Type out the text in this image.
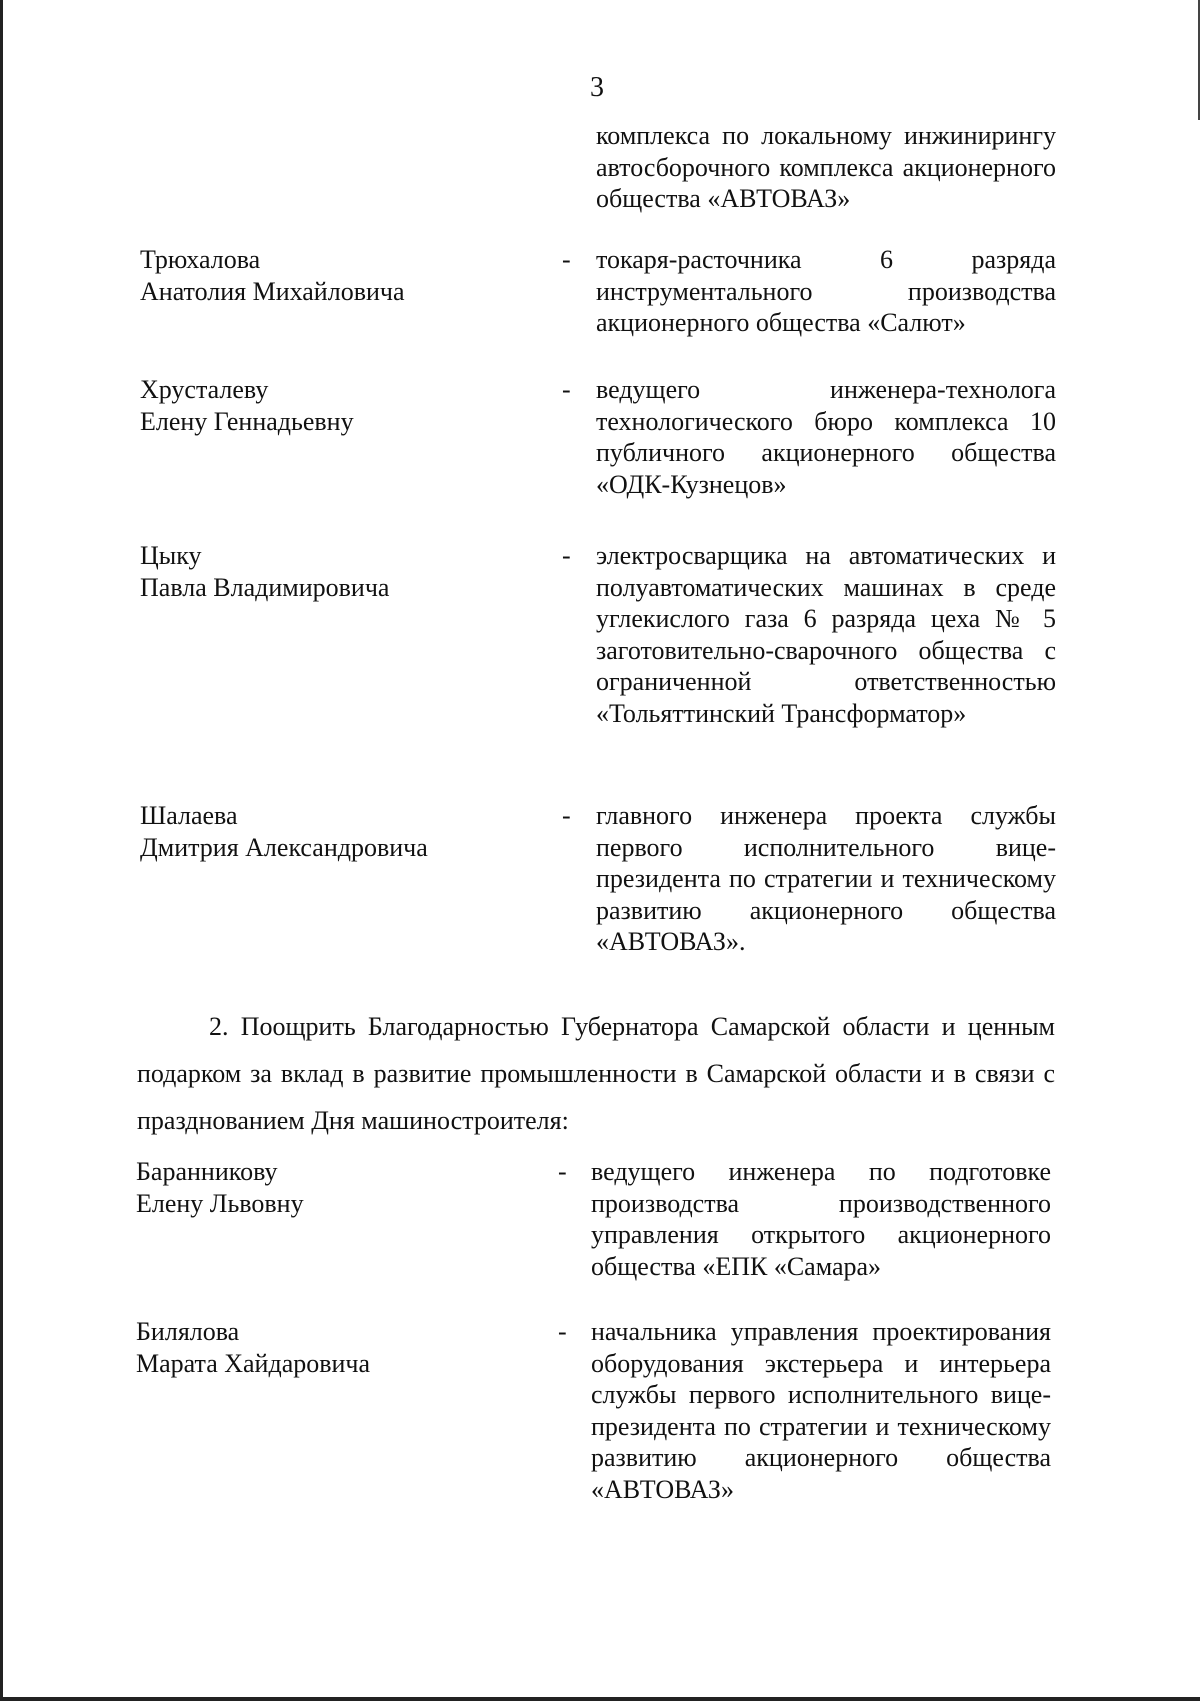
3
комплекса по локальному инжинирингу автосборочного комплекса акционерного общества «АВТОВАЗ»
Трюхалова
Анатолия Михайловича
- токаря-расточника 6 разряда инструментального производства акционерного общества «Салют»
Хрусталеву
Елену Геннадьевну
- ведущего инженера-технолога технологического бюро комплекса 10 публичного акционерного общества «ОДК-Кузнецов»
Цыку
Павла Владимировича
- электросварщика на автоматических и полуавтоматических машинах в среде углекислого газа 6 разряда цеха № 5 заготовительно-сварочного общества с ограниченной ответственностью «Тольяттинский Трансформатор»
Шалаева
Дмитрия Александровича
- главного инженера проекта службы первого исполнительного вице-президента по стратегии и техническому развитию акционерного общества «АВТОВАЗ».
2. Поощрить Благодарностью Губернатора Самарской области и ценным подарком за вклад в развитие промышленности в Самарской области и в связи с празднованием Дня машиностроителя:
Баранникову
Елену Львовну
- ведущего инженера по подготовке производства производственного управления открытого акционерного общества «ЕПК «Самара»
Билялова
Марата Хайдаровича
- начальника управления проектирования оборудования экстерьера и интерьера службы первого исполнительного вице-президента по стратегии и техническому развитию акционерного общества «АВТОВАЗ»
